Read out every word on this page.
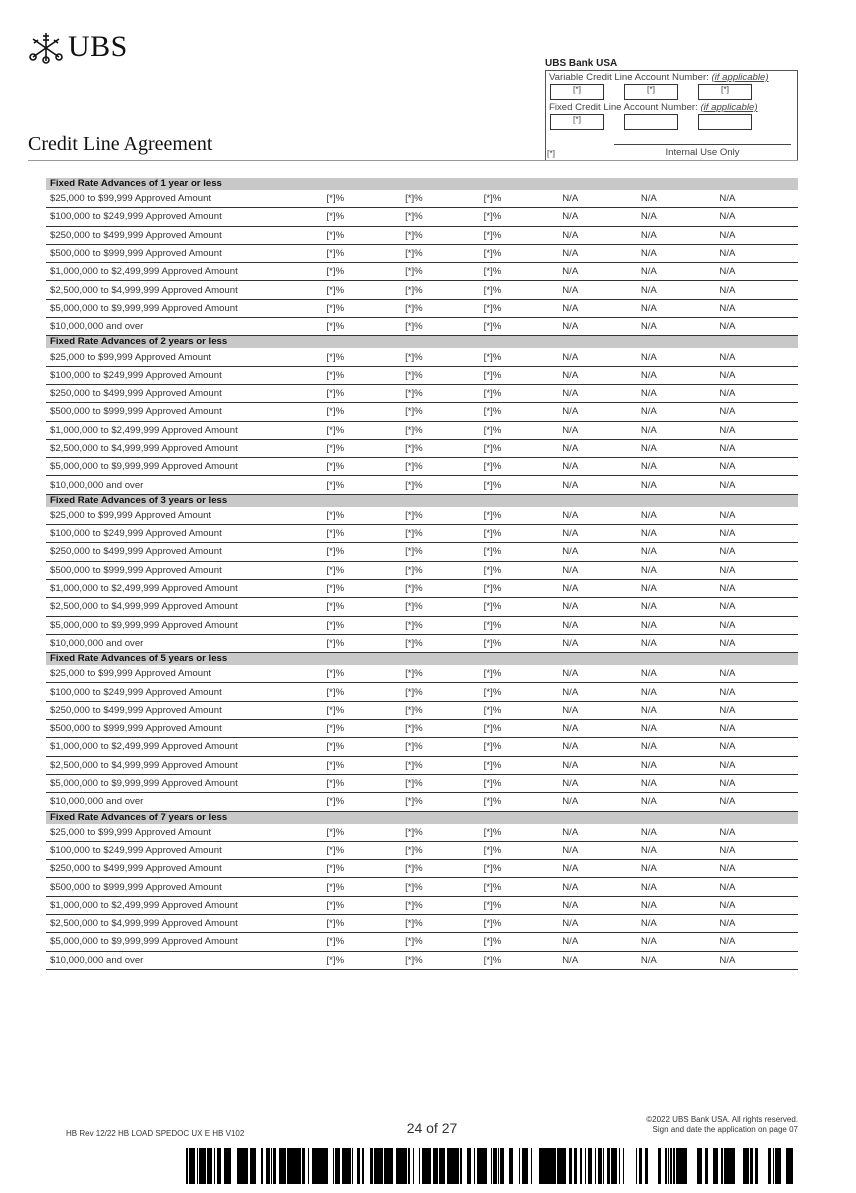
UBS
UBS Bank USA
Variable Credit Line Account Number: (if applicable)
[*]	[*]	[*]
Fixed Credit Line Account Number: (if applicable)
[*]
[*]	Internal Use Only
Credit Line Agreement
Fixed Rate Advances of 1 year or less
$25,000 to $99,999 Approved Amount	[*]%	[*]%	[*]%	N/A	N/A	N/A
$100,000 to $249,999 Approved Amount	[*]%	[*]%	[*]%	N/A	N/A	N/A
$250,000 to $499,999 Approved Amount	[*]%	[*]%	[*]%	N/A	N/A	N/A
$500,000 to $999,999 Approved Amount	[*]%	[*]%	[*]%	N/A	N/A	N/A
$1,000,000 to $2,499,999 Approved Amount	[*]%	[*]%	[*]%	N/A	N/A	N/A
$2,500,000 to $4,999,999 Approved Amount	[*]%	[*]%	[*]%	N/A	N/A	N/A
$5,000,000 to $9,999,999 Approved Amount	[*]%	[*]%	[*]%	N/A	N/A	N/A
$10,000,000 and over	[*]%	[*]%	[*]%	N/A	N/A	N/A
Fixed Rate Advances of 2 years or less
$25,000 to $99,999 Approved Amount	[*]%	[*]%	[*]%	N/A	N/A	N/A
$100,000 to $249,999 Approved Amount	[*]%	[*]%	[*]%	N/A	N/A	N/A
$250,000 to $499,999 Approved Amount	[*]%	[*]%	[*]%	N/A	N/A	N/A
$500,000 to $999,999 Approved Amount	[*]%	[*]%	[*]%	N/A	N/A	N/A
$1,000,000 to $2,499,999 Approved Amount	[*]%	[*]%	[*]%	N/A	N/A	N/A
$2,500,000 to $4,999,999 Approved Amount	[*]%	[*]%	[*]%	N/A	N/A	N/A
$5,000,000 to $9,999,999 Approved Amount	[*]%	[*]%	[*]%	N/A	N/A	N/A
$10,000,000 and over	[*]%	[*]%	[*]%	N/A	N/A	N/A
Fixed Rate Advances of 3 years or less
$25,000 to $99,999 Approved Amount	[*]%	[*]%	[*]%	N/A	N/A	N/A
$100,000 to $249,999 Approved Amount	[*]%	[*]%	[*]%	N/A	N/A	N/A
$250,000 to $499,999 Approved Amount	[*]%	[*]%	[*]%	N/A	N/A	N/A
$500,000 to $999,999 Approved Amount	[*]%	[*]%	[*]%	N/A	N/A	N/A
$1,000,000 to $2,499,999 Approved Amount	[*]%	[*]%	[*]%	N/A	N/A	N/A
$2,500,000 to $4,999,999 Approved Amount	[*]%	[*]%	[*]%	N/A	N/A	N/A
$5,000,000 to $9,999,999 Approved Amount	[*]%	[*]%	[*]%	N/A	N/A	N/A
$10,000,000 and over	[*]%	[*]%	[*]%	N/A	N/A	N/A
Fixed Rate Advances of 5 years or less
$25,000 to $99,999 Approved Amount	[*]%	[*]%	[*]%	N/A	N/A	N/A
$100,000 to $249,999 Approved Amount	[*]%	[*]%	[*]%	N/A	N/A	N/A
$250,000 to $499,999 Approved Amount	[*]%	[*]%	[*]%	N/A	N/A	N/A
$500,000 to $999,999 Approved Amount	[*]%	[*]%	[*]%	N/A	N/A	N/A
$1,000,000 to $2,499,999 Approved Amount	[*]%	[*]%	[*]%	N/A	N/A	N/A
$2,500,000 to $4,999,999 Approved Amount	[*]%	[*]%	[*]%	N/A	N/A	N/A
$5,000,000 to $9,999,999 Approved Amount	[*]%	[*]%	[*]%	N/A	N/A	N/A
$10,000,000 and over	[*]%	[*]%	[*]%	N/A	N/A	N/A
Fixed Rate Advances of 7 years or less
$25,000 to $99,999 Approved Amount	[*]%	[*]%	[*]%	N/A	N/A	N/A
$100,000 to $249,999 Approved Amount	[*]%	[*]%	[*]%	N/A	N/A	N/A
$250,000 to $499,999 Approved Amount	[*]%	[*]%	[*]%	N/A	N/A	N/A
$500,000 to $999,999 Approved Amount	[*]%	[*]%	[*]%	N/A	N/A	N/A
$1,000,000 to $2,499,999 Approved Amount	[*]%	[*]%	[*]%	N/A	N/A	N/A
$2,500,000 to $4,999,999 Approved Amount	[*]%	[*]%	[*]%	N/A	N/A	N/A
$5,000,000 to $9,999,999 Approved Amount	[*]%	[*]%	[*]%	N/A	N/A	N/A
$10,000,000 and over	[*]%	[*]%	[*]%	N/A	N/A	N/A
HB Rev 12/22 HB LOAD SPEDOC UX E HB V102	24 of 27
©2022 UBS Bank USA. All rights reserved.
Sign and date the application on page 07
